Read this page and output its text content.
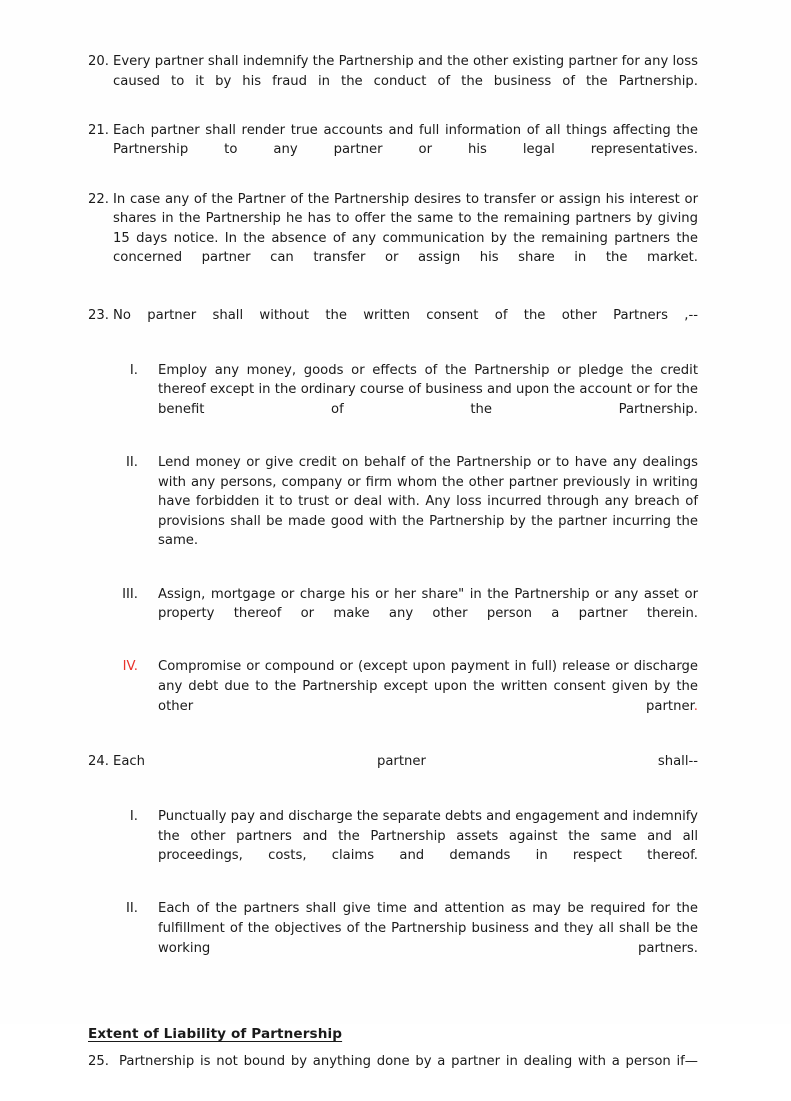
20. Every partner shall indemnify the Partnership and the other existing partner for any loss caused to it by his fraud in the conduct of the business of the Partnership.
21. Each partner shall render true accounts and full information of all things affecting the Partnership to any partner or his legal representatives.
22. In case any of the Partner of the Partnership desires to transfer or assign his interest or shares in the Partnership he has to offer the same to the remaining partners by giving 15 days notice. In the absence of any communication by the remaining partners the concerned partner can transfer or assign his share in the market.
23. No partner shall without the written consent of the other Partners ,--
I.	Employ any money, goods or effects of the Partnership or pledge the credit thereof except in the ordinary course of business and upon the account or for the benefit of the Partnership.
II.	Lend money or give credit on behalf of the Partnership or to have any dealings with any persons, company or firm whom the other partner previously in writing have forbidden it to trust or deal with. Any loss incurred through any breach of provisions shall be made good with the Partnership by the partner incurring the same.
III.	Assign, mortgage or charge his or her share" in the Partnership or any asset or property thereof or make any other person a partner therein.
IV.	Compromise or compound or (except upon payment in full) release or discharge any debt due to the Partnership except upon the written consent given by the other partner.
24. Each partner shall--
I.	Punctually pay and discharge the separate debts and engagement and indemnify the other partners and the Partnership assets against the same and all proceedings, costs, claims and demands in respect thereof.
II.	Each of the partners shall give time and attention as may be required for the fulfillment of the objectives of the Partnership business and they all shall be the working partners.
Extent of Liability of Partnership
25. Partnership is not bound by anything done by a partner in dealing with a person if—
